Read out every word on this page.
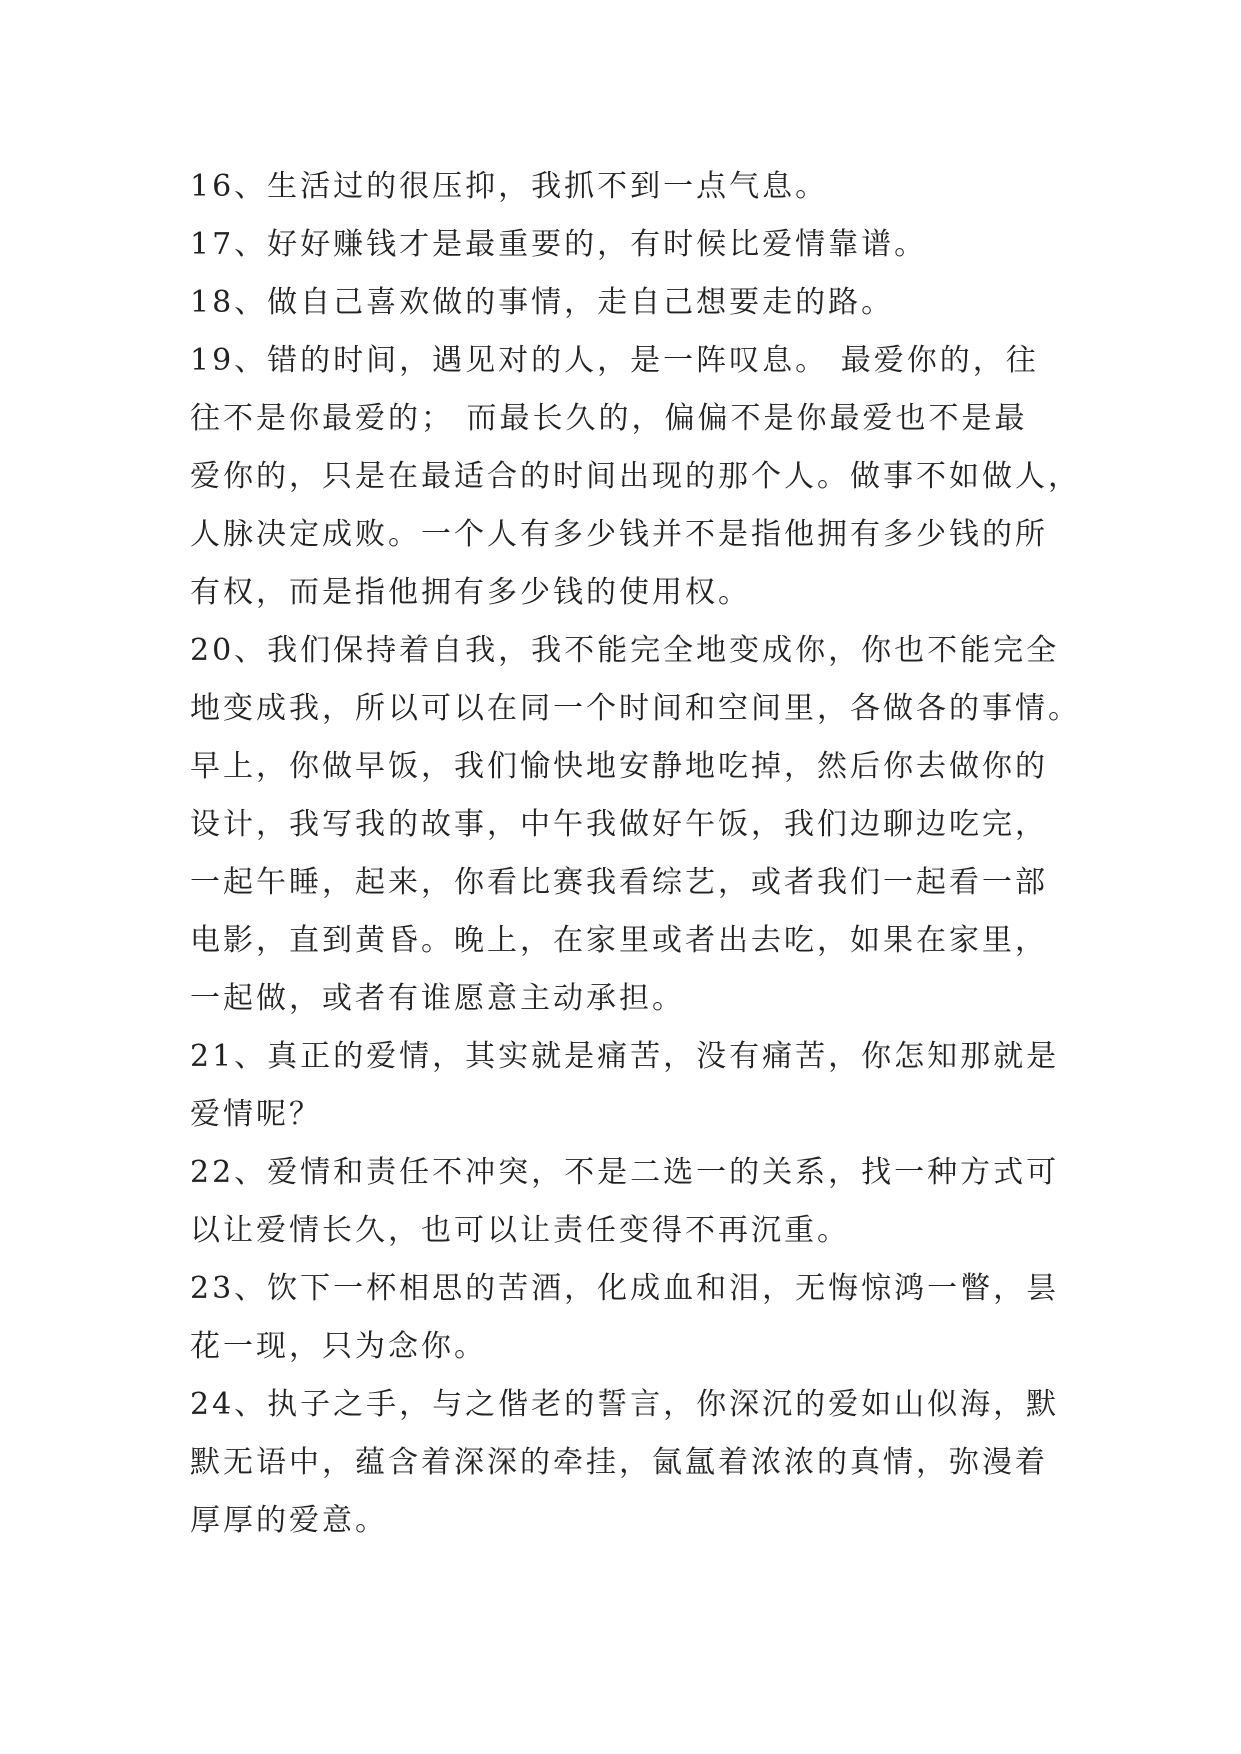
16、生活过的很压抑，我抓不到一点气息。
17、好好赚钱才是最重要的，有时候比爱情靠谱。
18、做自己喜欢做的事情，走自己想要走的路。
19、错的时间，遇见对的人，是一阵叹息。 最爱你的，往
往不是你最爱的； 而最长久的，偏偏不是你最爱也不是最
爱你的，只是在最适合的时间出现的那个人。做事不如做人，
人脉决定成败。一个人有多少钱并不是指他拥有多少钱的所
有权，而是指他拥有多少钱的使用权。
20、我们保持着自我，我不能完全地变成你，你也不能完全
地变成我，所以可以在同一个时间和空间里，各做各的事情。
早上，你做早饭，我们愉快地安静地吃掉，然后你去做你的
设计，我写我的故事，中午我做好午饭，我们边聊边吃完，
一起午睡，起来，你看比赛我看综艺，或者我们一起看一部
电影，直到黄昏。晚上，在家里或者出去吃，如果在家里，
一起做，或者有谁愿意主动承担。
21、真正的爱情，其实就是痛苦，没有痛苦，你怎知那就是
爱情呢？
22、爱情和责任不冲突，不是二选一的关系，找一种方式可
以让爱情长久，也可以让责任变得不再沉重。
23、饮下一杯相思的苦酒，化成血和泪，无悔惊鸿一瞥，昙
花一现，只为念你。
24、执子之手，与之偕老的誓言，你深沉的爱如山似海，默
默无语中，蕴含着深深的牵挂，氤氲着浓浓的真情，弥漫着
厚厚的爱意。
